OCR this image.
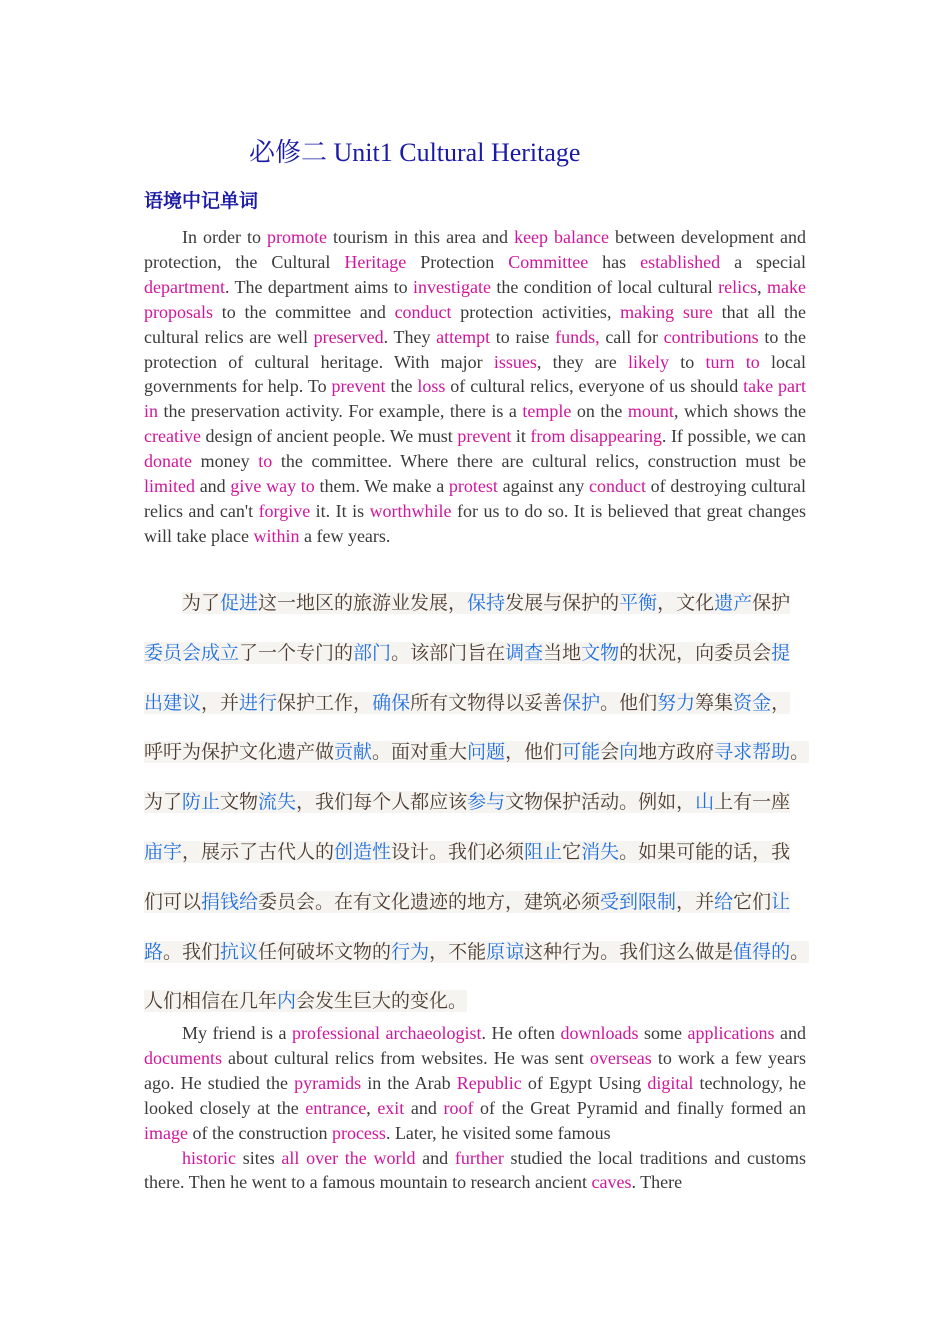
必修二 Unit1 Cultural Heritage
语境中记单词
In order to promote tourism in this area and keep balance between development and protection, the Cultural Heritage Protection Committee has established a special department. The department aims to investigate the condition of local cultural relics, make proposals to the committee and conduct protection activities, making sure that all the cultural relics are well preserved. They attempt to raise funds, call for contributions to the protection of cultural heritage. With major issues, they are likely to turn to local governments for help. To prevent the loss of cultural relics, everyone of us should take part in the preservation activity. For example, there is a temple on the mount, which shows the creative design of ancient people. We must prevent it from disappearing. If possible, we can donate money to the committee. Where there are cultural relics, construction must be limited and give way to them. We make a protest against any conduct of destroying cultural relics and can't forgive it. It is worthwhile for us to do so. It is believed that great changes will take place within a few years.

为了促进这一地区的旅游业发展，保持发展与保护的平衡，文化遗产保护

委员会成立了一个专门的部门。该部门旨在调查当地文物的状况，向委员会提

出建议，并进行保护工作，确保所有文物得以妥善保护。他们努力筹集资金，

呼吁为保护文化遗产做贡献。面对重大问题，他们可能会向地方政府寻求帮助。

为了防止文物流失，我们每个人都应该参与文物保护活动。例如，山上有一座

庙宇，展示了古代人的创造性设计。我们必须阻止它消失。如果可能的话，我

们可以捐钱给委员会。在有文化遗迹的地方，建筑必须受到限制，并给它们让

路。我们抗议任何破坏文物的行为，不能原谅这种行为。我们这么做是值得的。

人们相信在几年内会发生巨大的变化。

My friend is a professional archaeologist. He often downloads some applications and documents about cultural relics from websites. He was sent overseas to work a few years ago. He studied the pyramids in the Arab Republic of Egypt Using digital technology, he looked closely at the entrance, exit and roof of the Great Pyramid and finally formed an image of the construction process. Later, he visited some famous
historic sites all over the world and further studied the local traditions and customs there. Then he went to a famous mountain to research ancient caves. There
